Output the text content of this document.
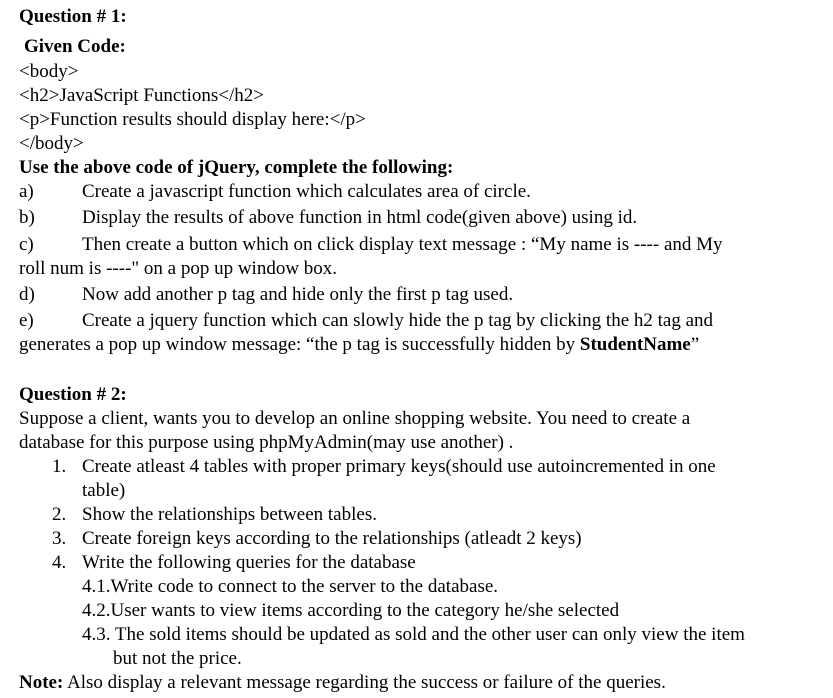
Question # 1:
Given Code:
<body>
<h2>JavaScript Functions</h2>
<p>Function results should display here:</p>
</body>
Use the above code of jQuery, complete the following:
a)	Create a javascript function which calculates area of circle.
b) Display the results of above function in html code(given above) using id.
c)	Then create a button which on click display text message : “My name is ---- and My
roll num is ----" on a pop up window box.
d) Now add another p tag and hide only the first p tag used.
e)	Create a jquery function which can slowly hide the p tag by clicking the h2 tag and
generates a pop up window message: “the p tag is successfully hidden by StudentName”
Question # 2:
Suppose a client, wants you to develop an online shopping website. You need to create a
database for this purpose using phpMyAdmin(may use another) .
1. Create atleast 4 tables with proper primary keys(should use autoincremented in one
table)
2. Show the relationships between tables.
3. Create foreign keys according to the relationships (atleadt 2 keys)
4. Write the following queries for the database
4.1.Write code to connect to the server to the database.
4.2.User wants to view items according to the category he/she selected
4.3. The sold items should be updated as sold and the other user can only view the item
but not the price.
Note: Also display a relevant message regarding the success or failure of the queries.
